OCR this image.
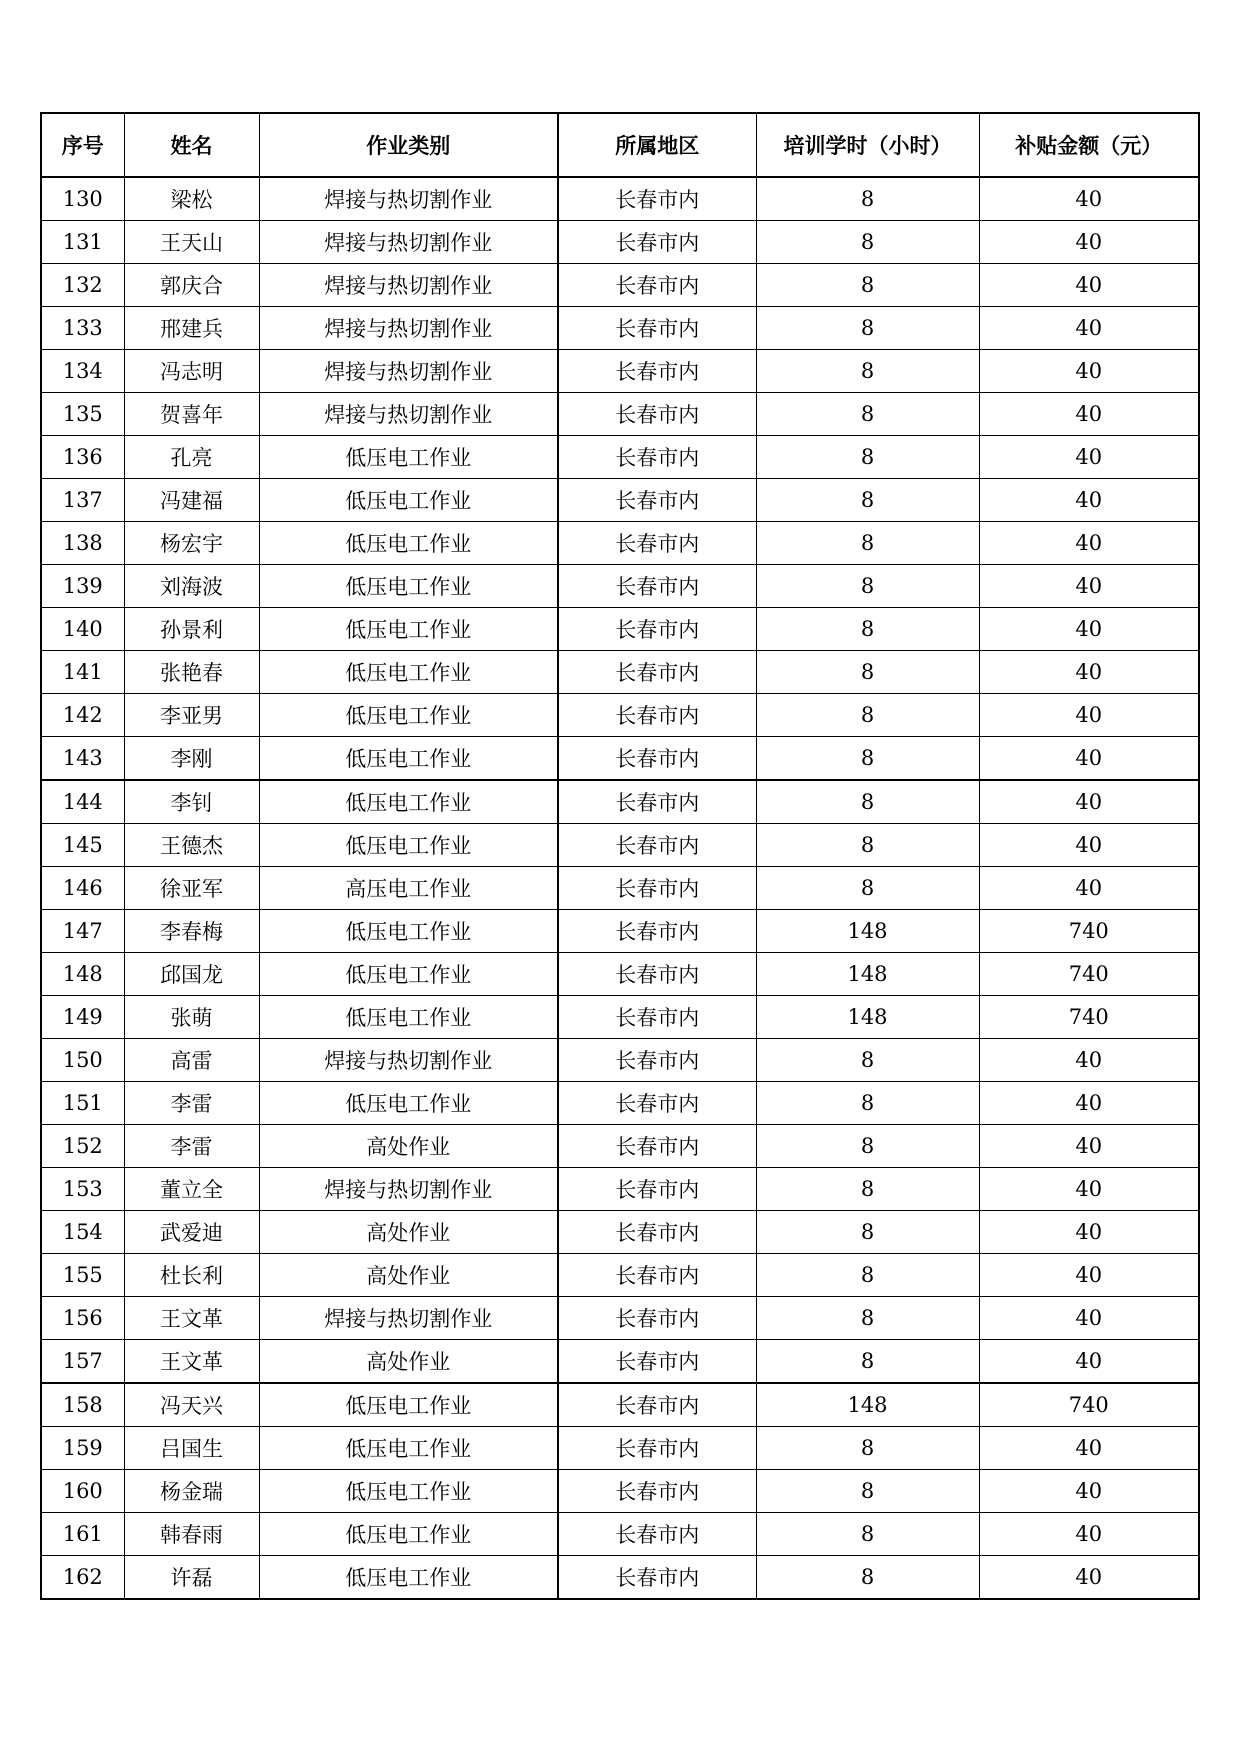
序号	姓名	作业类别	所属地区	培训学时（小时）	补贴金额（元）
130	梁松	焊接与热切割作业	长春市内	8	40
131	王天山	焊接与热切割作业	长春市内	8	40
132	郭庆合	焊接与热切割作业	长春市内	8	40
133	邢建兵	焊接与热切割作业	长春市内	8	40
134	冯志明	焊接与热切割作业	长春市内	8	40
135	贺喜年	焊接与热切割作业	长春市内	8	40
136	孔亮	低压电工作业	长春市内	8	40
137	冯建福	低压电工作业	长春市内	8	40
138	杨宏宇	低压电工作业	长春市内	8	40
139	刘海波	低压电工作业	长春市内	8	40
140	孙景利	低压电工作业	长春市内	8	40
141	张艳春	低压电工作业	长春市内	8	40
142	李亚男	低压电工作业	长春市内	8	40
143	李刚	低压电工作业	长春市内	8	40
144	李钊	低压电工作业	长春市内	8	40
145	王德杰	低压电工作业	长春市内	8	40
146	徐亚军	高压电工作业	长春市内	8	40
147	李春梅	低压电工作业	长春市内	148	740
148	邱国龙	低压电工作业	长春市内	148	740
149	张萌	低压电工作业	长春市内	148	740
150	高雷	焊接与热切割作业	长春市内	8	40
151	李雷	低压电工作业	长春市内	8	40
152	李雷	高处作业	长春市内	8	40
153	董立全	焊接与热切割作业	长春市内	8	40
154	武爱迪	高处作业	长春市内	8	40
155	杜长利	高处作业	长春市内	8	40
156	王文革	焊接与热切割作业	长春市内	8	40
157	王文革	高处作业	长春市内	8	40
158	冯天兴	低压电工作业	长春市内	148	740
159	吕国生	低压电工作业	长春市内	8	40
160	杨金瑞	低压电工作业	长春市内	8	40
161	韩春雨	低压电工作业	长春市内	8	40
162	许磊	低压电工作业	长春市内	8	40
